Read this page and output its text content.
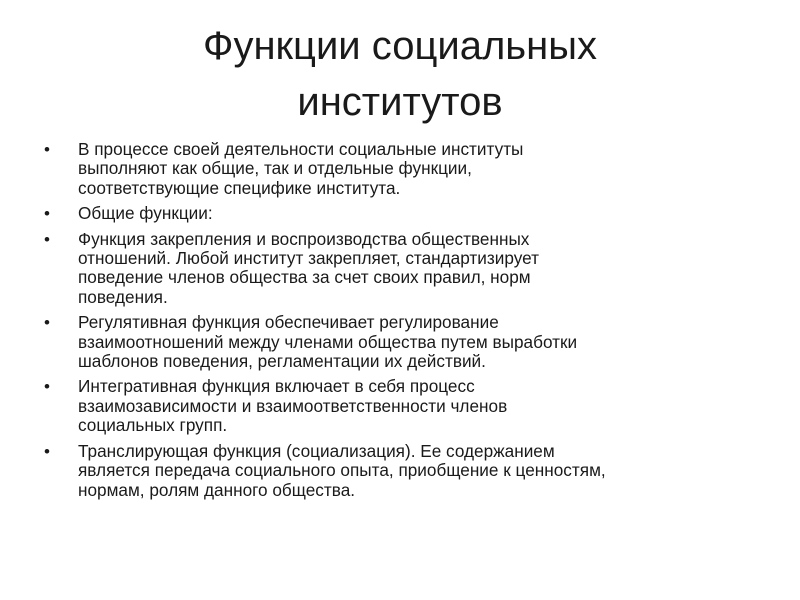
Функции социальных
институтов
•	В процессе своей деятельности социальные институты
выполняют как общие, так и отдельные функции,
соответствующие специфике института.
•	Общие функции:
•	Функция закрепления и воспроизводства общественных
отношений. Любой институт закрепляет, стандартизирует
поведение членов общества за счет своих правил, норм
поведения.
•	Регулятивная функция обеспечивает регулирование
взаимоотношений между членами общества путем выработки
шаблонов поведения, регламентации их действий.
•	Интегративная функция включает в себя процесс
взаимозависимости и взаимоответственности членов
социальных групп.
•	Транслирующая функция (социализация). Ее содержанием
является передача социального опыта, приобщение к ценностям,
нормам, ролям данного общества.
